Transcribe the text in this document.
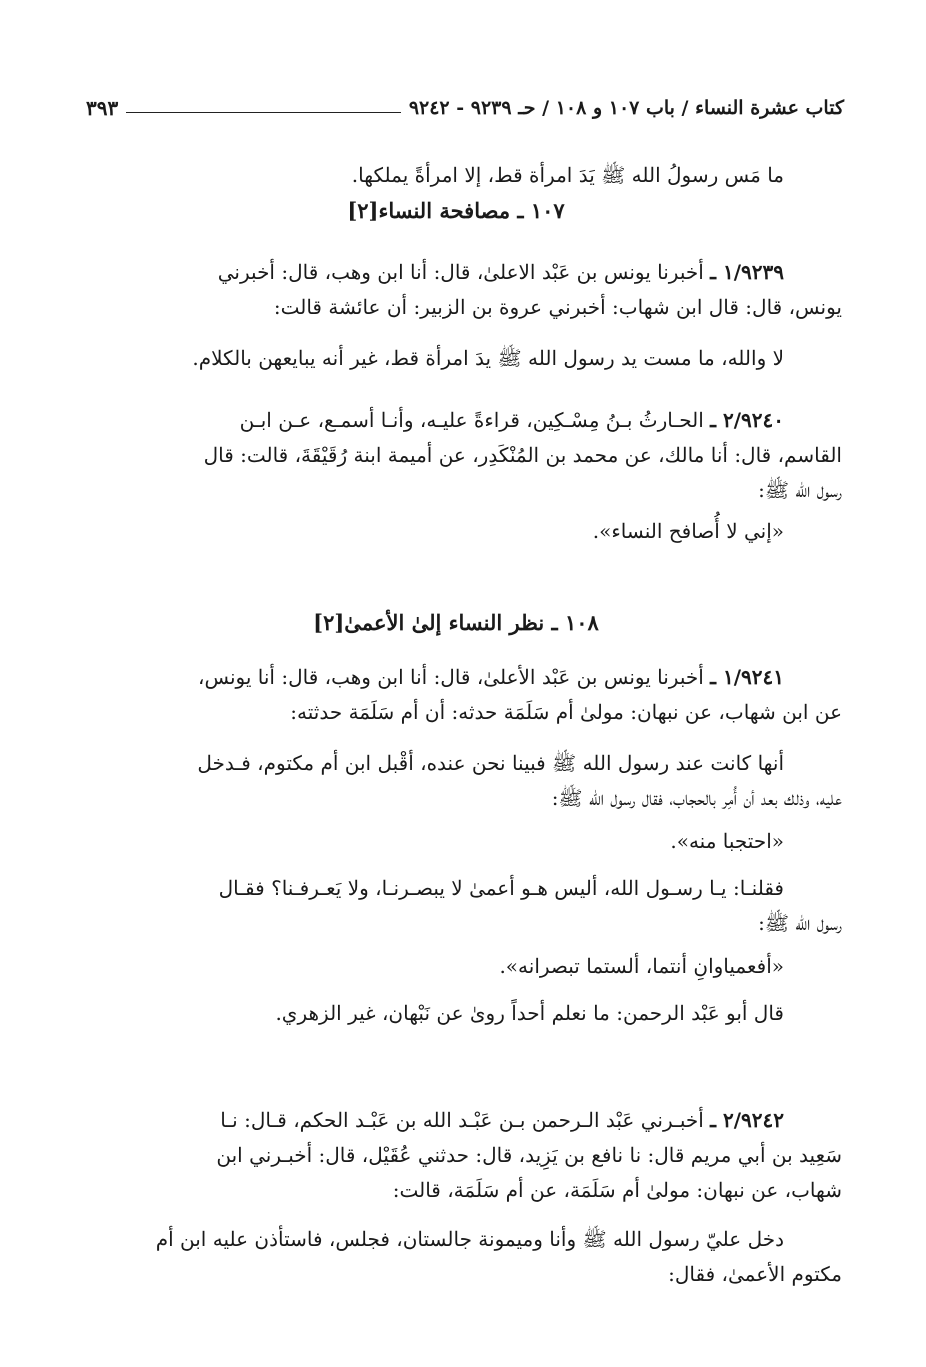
كتاب عشرة النساء / باب ١٠٧ و ١٠٨ / حـ ٩٢٣٩ - ٩٢٤٢
٣٩٣

ما مَس رسولُ الله ﷺ يَدَ امرأة قط، إلا امرأةً يملكها.

١٠٧ ـ مصافحة النساء[٢]

١/٩٢٣٩ ـ أخبرنا يونس بن عَبْد الاعلىٰ، قال: أنا ابن وهب، قال: أخبرني

يونس، قال: قال ابن شهاب: أخبرني عروة بن الزبير: أن عائشة قالت:

لا والله، ما مست يد رسول الله ﷺ يدَ امرأة قط، غير أنه يبايعهن بالكلام.

٢/٩٢٤٠ ـ الحـارثُ بـنُ مِسْـكِين، قراءةً عليـه، وأنـا أسمـع، عـن ابـن

القاسم، قال: أنا مالك، عن محمد بن المُنْكَدِر، عن أميمة ابنة رُقَيْقَةَ، قالت: قال

رسول الله ﷺ:

«إني لا أُصافح النساء».

١٠٨ ـ نظر النساء إلىٰ الأعمىٰ[٢]

١/٩٢٤١ ـ أخبرنا يونس بن عَبْد الأعلىٰ، قال: أنا ابن وهب، قال: أنا يونس،

عن ابن شهاب، عن نبهان: مولىٰ أم سَلَمَة حدثه: أن أم سَلَمَة حدثته:

أنها كانت عند رسول الله ﷺ فبينا نحن عنده، أقْبل ابن أم مكتوم، فـدخل

عليه، وذلك بعد أن أُمِر بالحجاب، فقال رسول الله ﷺ:

«احتجبا منه».

فقلنـا: يـا رسـول الله، أليس هـو أعمىٰ لا يبصـرنـا، ولا يَعـرفـنا؟ فقـال

رسول الله ﷺ:

«أفعمياوانِ أنتما، ألستما تبصرانه».

قال أبو عَبْد الرحمن: ما نعلم أحداً روىٰ عن نَبْهان، غير الزهري.

٢/٩٢٤٢ ـ أخبـرني عَبْد الـرحمن بـن عَبْـد الله بن عَبْـد الحكم، قـال: نـا

سَعِيد بن أبي مريم قال: نا نافع بن يَزِيد، قال: حدثني عُقَيْل، قال: أخبـرني ابن

شهاب، عن نبهان: مولىٰ أم سَلَمَة، عن أم سَلَمَة، قالت:

دخل عليّ رسول الله ﷺ وأنا وميمونة جالستان، فجلس، فاستأذن عليه ابن أم

مكتوم الأعمىٰ، فقال:
